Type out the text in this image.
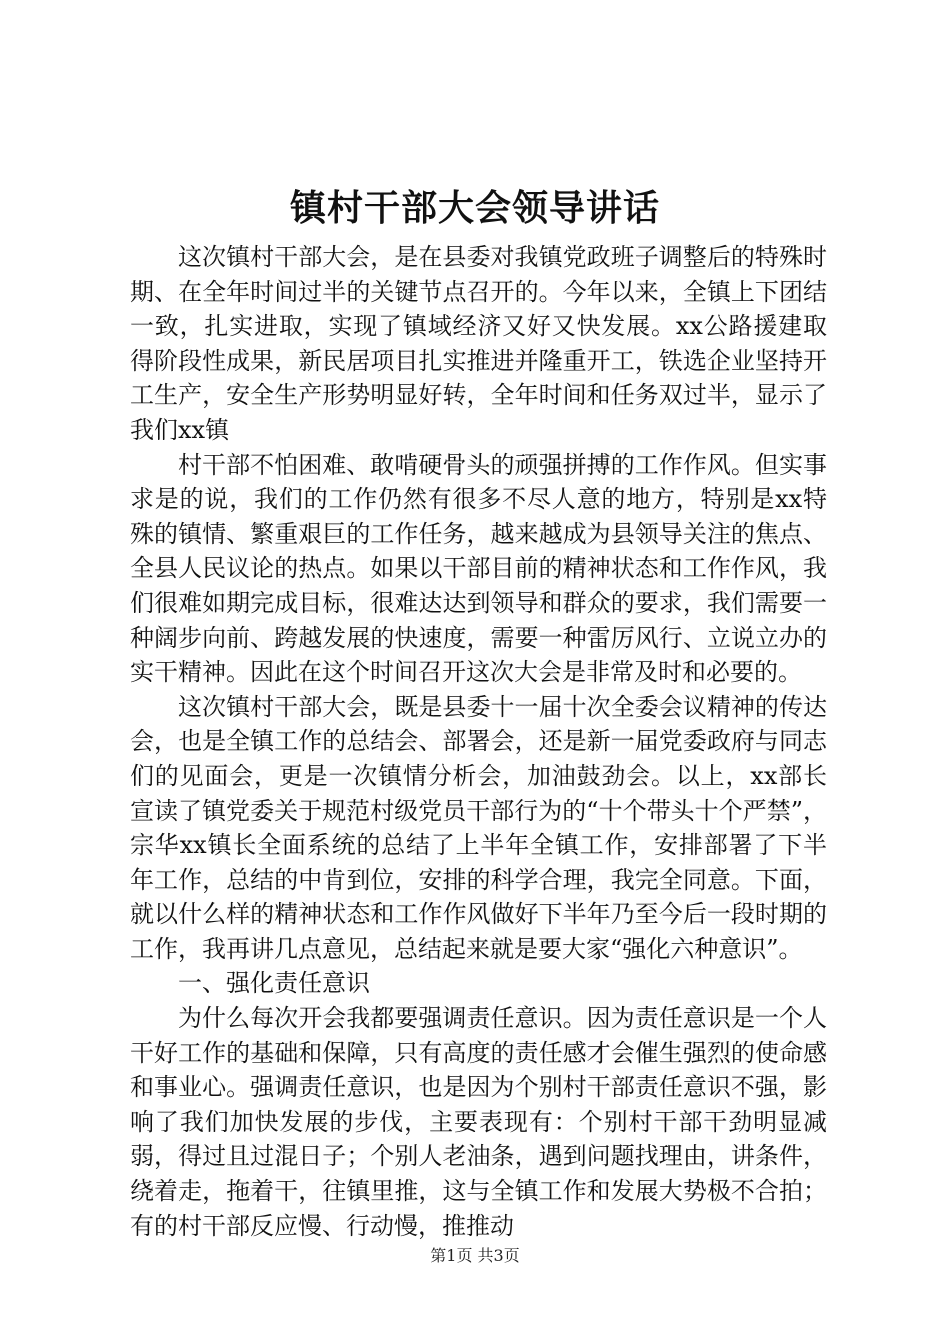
镇村干部大会领导讲话

这次镇村干部大会，是在县委对我镇党政班子调整后的特殊时期、在全年时间过半的关键节点召开的。今年以来，全镇上下团结一致，扎实进取，实现了镇域经济又好又快发展。xx公路援建取得阶段性成果，新民居项目扎实推进并隆重开工，铁选企业坚持开工生产，安全生产形势明显好转，全年时间和任务双过半，显示了我们xx镇

村干部不怕困难、敢啃硬骨头的顽强拼搏的工作作风。但实事求是的说，我们的工作仍然有很多不尽人意的地方，特别是xx特殊的镇情、繁重艰巨的工作任务，越来越成为县领导关注的焦点、全县人民议论的热点。如果以干部目前的精神状态和工作作风，我们很难如期完成目标，很难达达到领导和群众的要求，我们需要一种阔步向前、跨越发展的快速度，需要一种雷厉风行、立说立办的实干精神。因此在这个时间召开这次大会是非常及时和必要的。

这次镇村干部大会，既是县委十一届十次全委会议精神的传达会，也是全镇工作的总结会、部署会，还是新一届党委政府与同志们的见面会，更是一次镇情分析会，加油鼓劲会。以上，xx部长宣读了镇党委关于规范村级党员干部行为的“十个带头十个严禁”，宗华xx镇长全面系统的总结了上半年全镇工作，安排部署了下半年工作，总结的中肯到位，安排的科学合理，我完全同意。下面，就以什么样的精神状态和工作作风做好下半年乃至今后一段时期的工作，我再讲几点意见，总结起来就是要大家“强化六种意识”。

一、强化责任意识

为什么每次开会我都要强调责任意识。因为责任意识是一个人干好工作的基础和保障，只有高度的责任感才会催生强烈的使命感和事业心。强调责任意识，也是因为个别村干部责任意识不强，影响了我们加快发展的步伐，主要表现有：个别村干部干劲明显减弱，得过且过混日子；个别人老油条，遇到问题找理由，讲条件，绕着走，拖着干，往镇里推，这与全镇工作和发展大势极不合拍；有的村干部反应慢、行动慢，推推动

第1页 共3页
